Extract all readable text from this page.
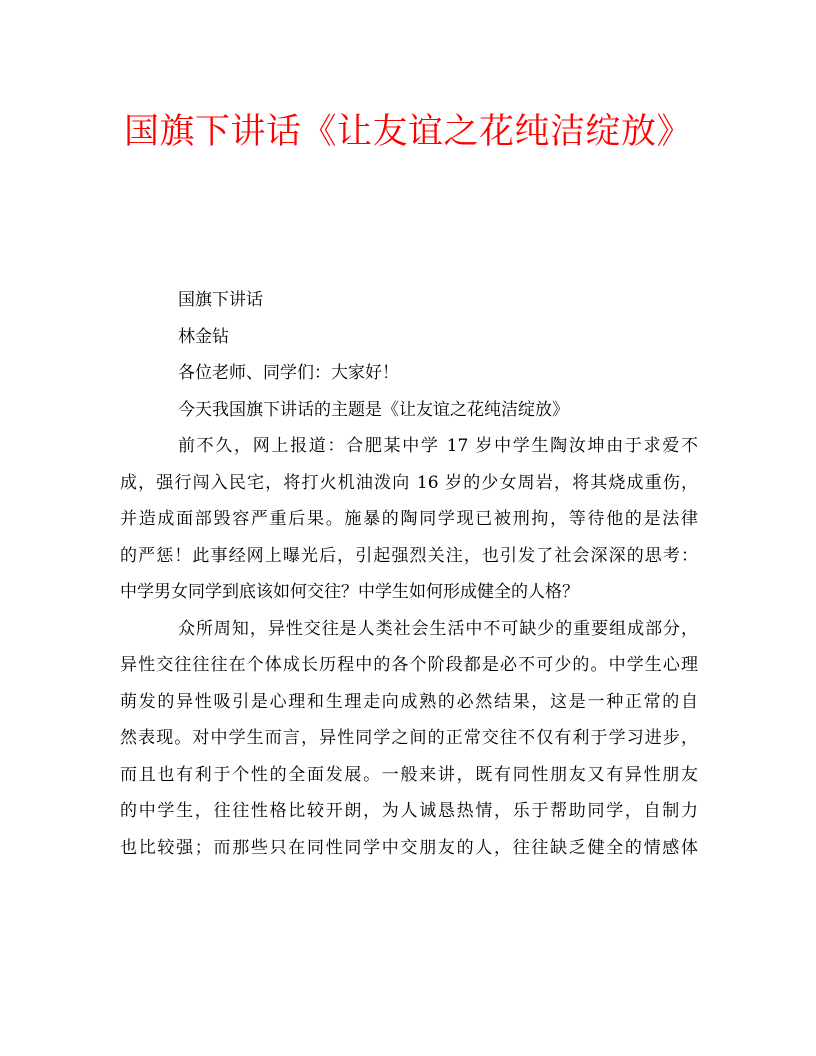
国旗下讲话《让友谊之花纯洁绽放》
国旗下讲话
林金钻
各位老师、同学们：大家好！
今天我国旗下讲话的主题是《让友谊之花纯洁绽放》
前不久，网上报道：合肥某中学 17 岁中学生陶汝坤由于求爱不
成，强行闯入民宅，将打火机油泼向 16 岁的少女周岩，将其烧成重伤，
并造成面部毁容严重后果。施暴的陶同学现已被刑拘，等待他的是法律
的严惩！此事经网上曝光后，引起强烈关注，也引发了社会深深的思考：
中学男女同学到底该如何交往？中学生如何形成健全的人格？
众所周知，异性交往是人类社会生活中不可缺少的重要组成部分，
异性交往往往在个体成长历程中的各个阶段都是必不可少的。中学生心理
萌发的异性吸引是心理和生理走向成熟的必然结果，这是一种正常的自
然表现。对中学生而言，异性同学之间的正常交往不仅有利于学习进步，
而且也有利于个性的全面发展。一般来讲，既有同性朋友又有异性朋友
的中学生，往往性格比较开朗，为人诚恳热情，乐于帮助同学，自制力
也比较强；而那些只在同性同学中交朋友的人，往往缺乏健全的情感体
